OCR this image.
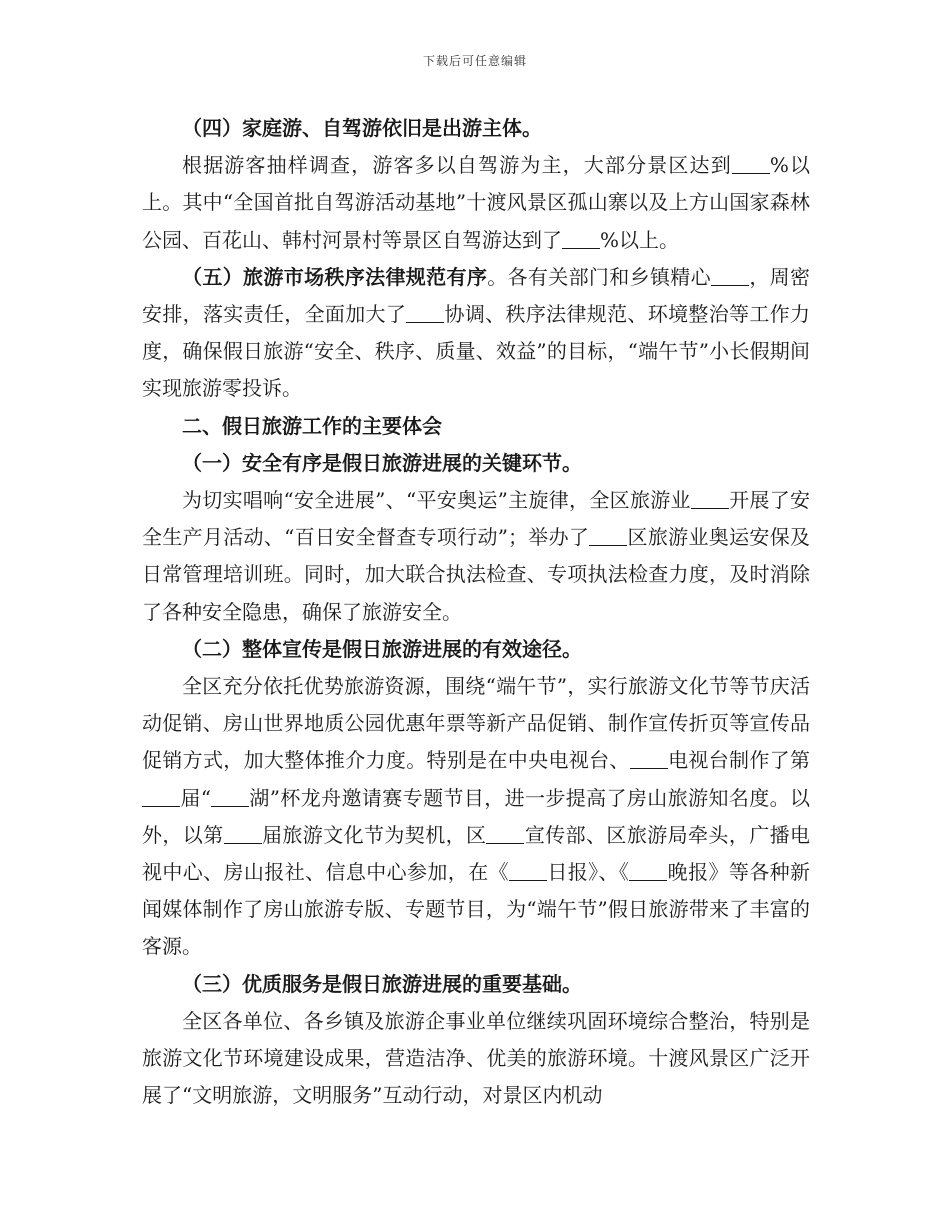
下载后可任意编辑

（四）家庭游、自驾游依旧是出游主体。

根据游客抽样调查，游客多以自驾游为主，大部分景区达到 %以上。其中“全国首批自驾游活动基地”十渡风景区孤山寨以及上方山国家森林公园、百花山、韩村河景村等景区自驾游达到了 %以上。

（五）旅游市场秩序法律规范有序。各有关部门和乡镇精心 ，周密安排，落实责任，全面加大了 协调、秩序法律规范、环境整治等工作力度，确保假日旅游“安全、秩序、质量、效益”的目标，“端午节”小长假期间实现旅游零投诉。

二、假日旅游工作的主要体会

（一）安全有序是假日旅游进展的关键环节。

为切实唱响“安全进展”、“平安奥运”主旋律，全区旅游业 开展了安全生产月活动、“百日安全督查专项行动”；举办了 区旅游业奥运安保及日常管理培训班。同时，加大联合执法检查、专项执法检查力度，及时消除了各种安全隐患，确保了旅游安全。

（二）整体宣传是假日旅游进展的有效途径。

全区充分依托优势旅游资源，围绕“端午节”，实行旅游文化节等节庆活动促销、房山世界地质公园优惠年票等新产品促销、制作宣传折页等宣传品促销方式，加大整体推介力度。特别是在中央电视台、 电视台制作了第届“ 湖”杯龙舟邀请赛专题节目，进一步提高了房山旅游知名度。以外，以第 届旅游文化节为契机，区 宣传部、区旅游局牵头，广播电视中心、房山报社、信息中心参加，在《 日报》、《 晚报》等各种新闻媒体制作了房山旅游专版、专题节目，为“端午节”假日旅游带来了丰富的客源。

（三）优质服务是假日旅游进展的重要基础。

全区各单位、各乡镇及旅游企事业单位继续巩固环境综合整治，特别是旅游文化节环境建设成果，营造洁净、优美的旅游环境。十渡风景区广泛开展了“文明旅游，文明服务”互动行动，对景区内机动
